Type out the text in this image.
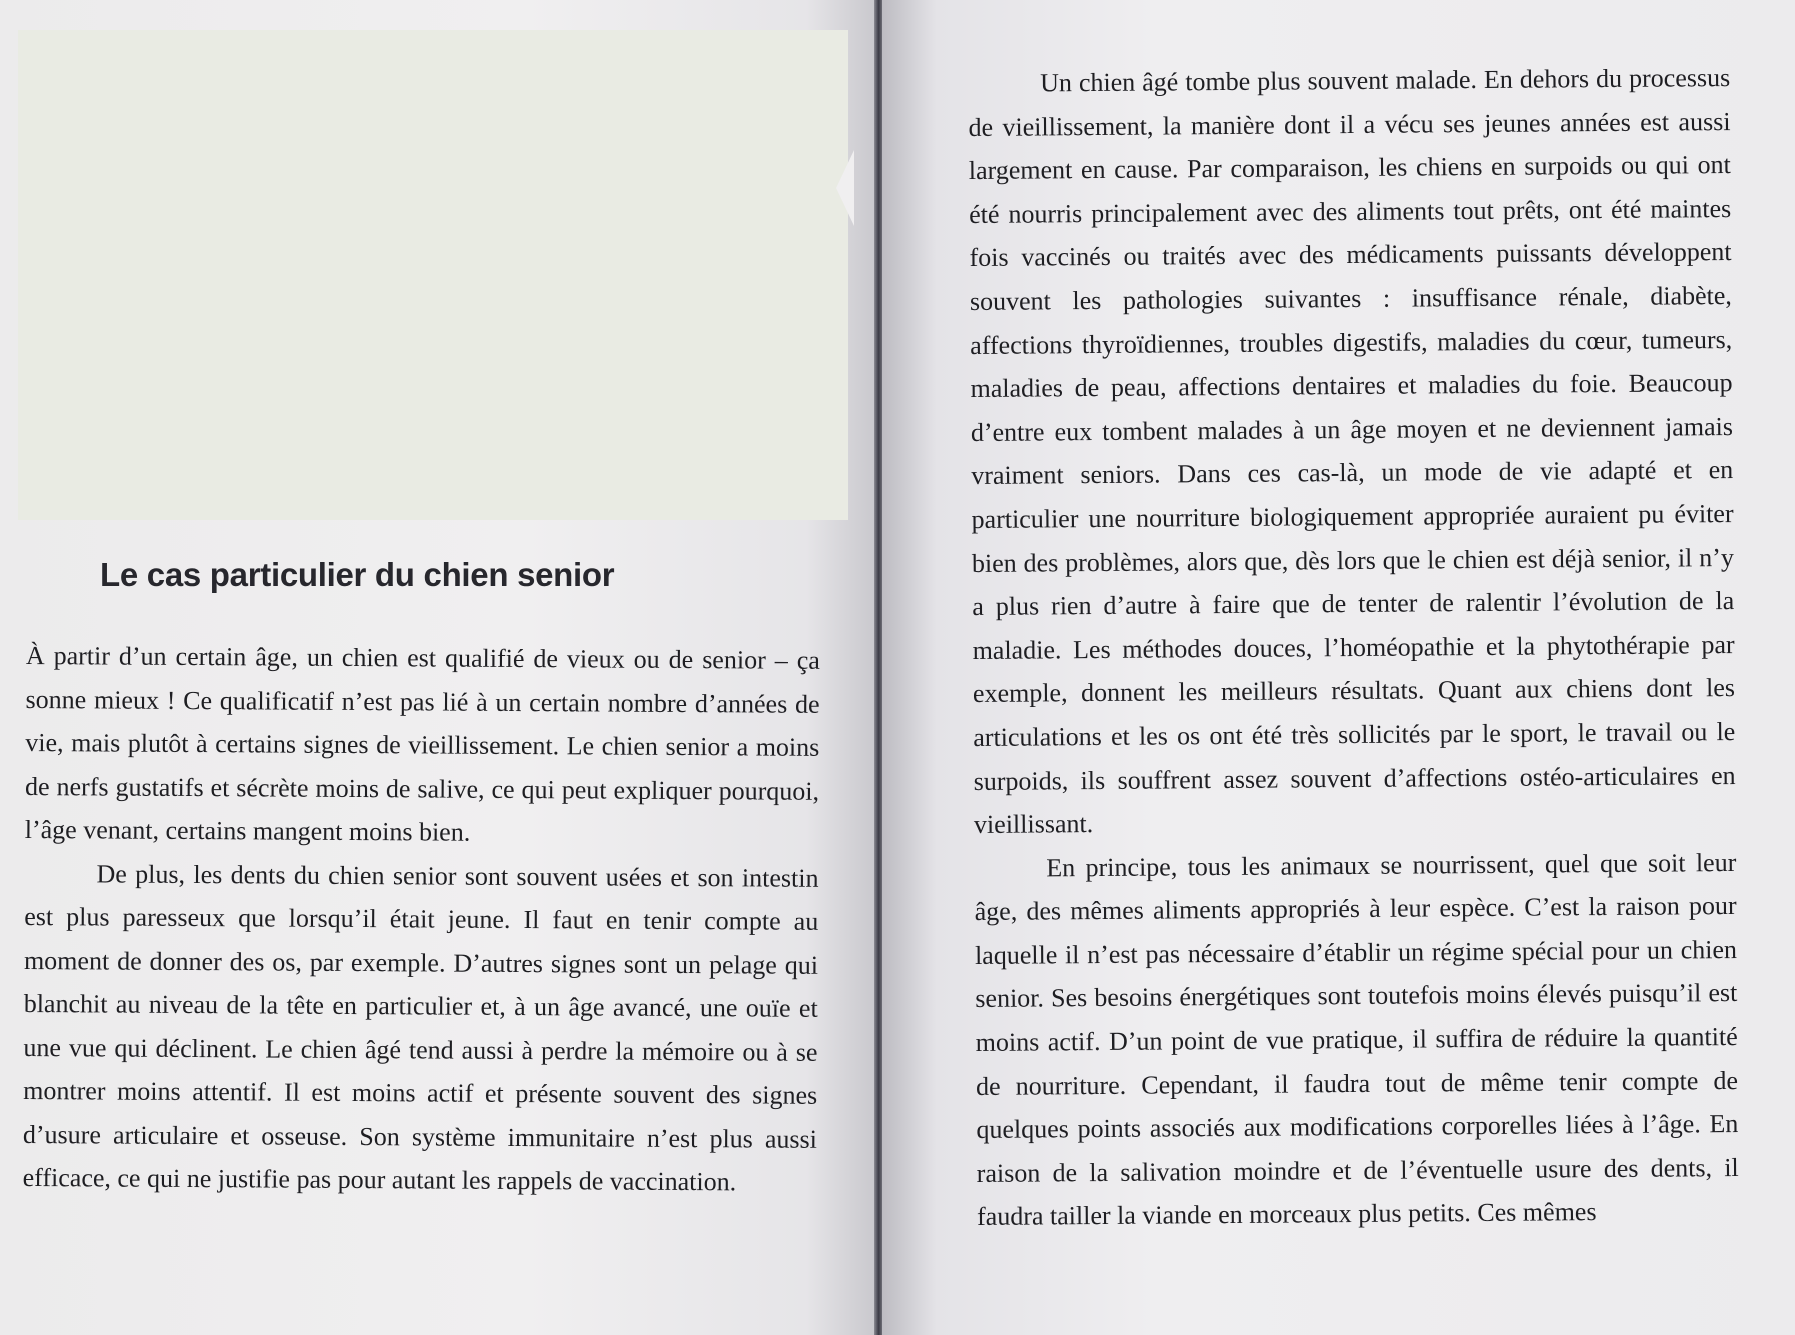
Le cas particulier du chien senior

À partir d’un certain âge, un chien est qualifié de vieux ou de senior – ça sonne mieux ! Ce qualificatif n’est pas lié à un certain nombre d’années de vie, mais plutôt à certains signes de vieillissement. Le chien senior a moins de nerfs gustatifs et sécrète moins de salive, ce qui peut expliquer pourquoi, l’âge venant, certains mangent moins bien.

De plus, les dents du chien senior sont souvent usées et son intestin est plus paresseux que lorsqu’il était jeune. Il faut en tenir compte au moment de donner des os, par exemple. D’autres signes sont un pelage qui blanchit au niveau de la tête en particulier et, à un âge avancé, une ouïe et une vue qui déclinent. Le chien âgé tend aussi à perdre la mémoire ou à se montrer moins attentif. Il est moins actif et présente souvent des signes d’usure articulaire et osseuse. Son système immunitaire n’est plus aussi efficace, ce qui ne justifie pas pour autant les rappels de vaccination.

Un chien âgé tombe plus souvent malade. En dehors du processus de vieillissement, la manière dont il a vécu ses jeunes années est aussi largement en cause. Par comparaison, les chiens en surpoids ou qui ont été nourris principalement avec des aliments tout prêts, ont été maintes fois vaccinés ou traités avec des médicaments puissants développent souvent les pathologies suivantes : insuffisance rénale, diabète, affections thyroïdiennes, troubles digestifs, maladies du cœur, tumeurs, maladies de peau, affections dentaires et maladies du foie. Beaucoup d’entre eux tombent malades à un âge moyen et ne deviennent jamais vraiment seniors. Dans ces cas-là, un mode de vie adapté et en particulier une nourriture biologiquement appropriée auraient pu éviter bien des problèmes, alors que, dès lors que le chien est déjà senior, il n’y a plus rien d’autre à faire que de tenter de ralentir l’évolution de la maladie. Les méthodes douces, l’homéopathie et la phytothérapie par exemple, donnent les meilleurs résultats. Quant aux chiens dont les articulations et les os ont été très sollicités par le sport, le travail ou le surpoids, ils souffrent assez souvent d’affections ostéo-articulaires en vieillissant.

En principe, tous les animaux se nourrissent, quel que soit leur âge, des mêmes aliments appropriés à leur espèce. C’est la raison pour laquelle il n’est pas nécessaire d’établir un régime spécial pour un chien senior. Ses besoins énergétiques sont toutefois moins élevés puisqu’il est moins actif. D’un point de vue pratique, il suffira de réduire la quantité de nourriture. Cependant, il faudra tout de même tenir compte de quelques points associés aux modifications corporelles liées à l’âge. En raison de la salivation moindre et de l’éventuelle usure des dents, il faudra tailler la viande en morceaux plus petits. Ces mêmes
